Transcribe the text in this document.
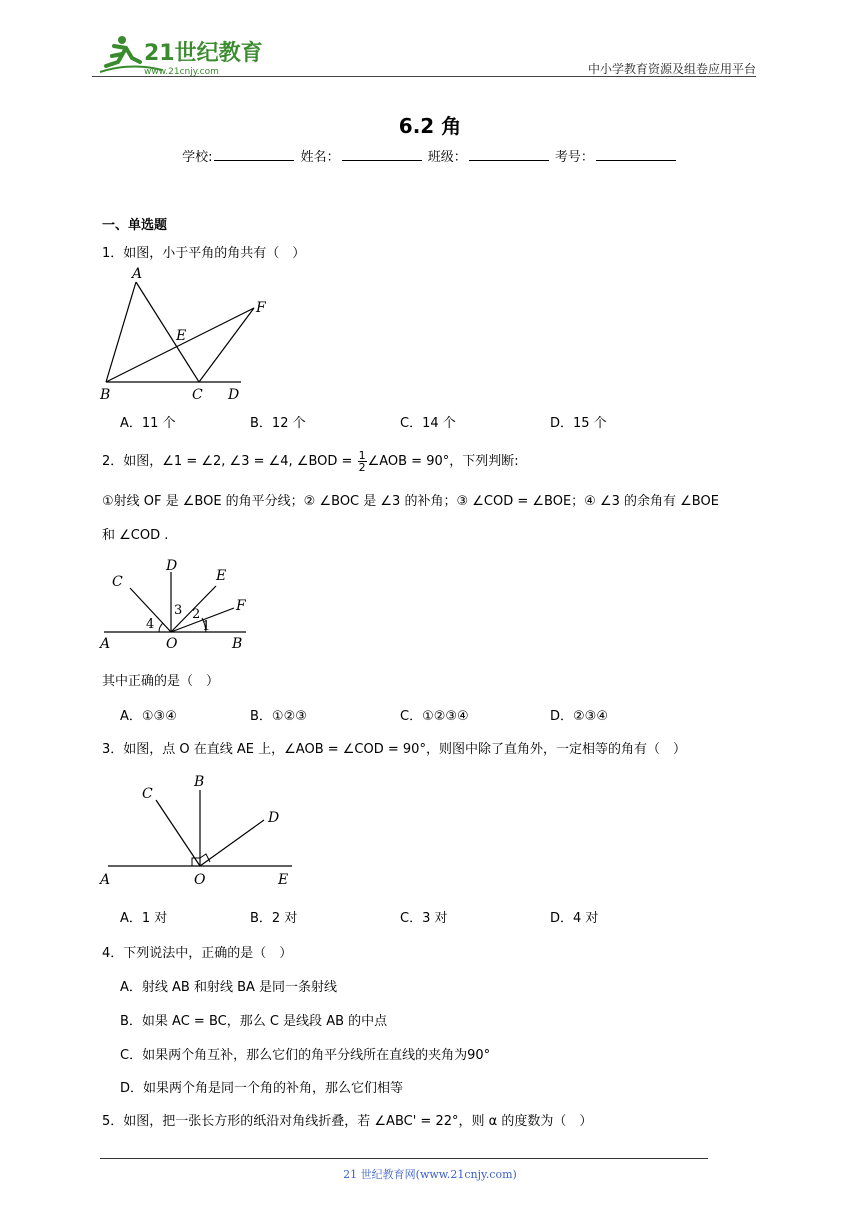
21世纪教育
www.21cnjy.com	中小学教育资源及组卷应用平台
6.2 角
学校:	姓名：	班级：	考号：
一、单选题
1．如图，小于平角的角共有（　）
A
E
F
B	C D
A．11 个	B．12 个	C．14 个	D．15 个
2．如图，∠1 = ∠2, ∠3 = ∠4, ∠BOD = $\frac{1}{2}$ ∠AOB = 90°，下列判断:
①射线 OF 是 ∠BOE 的角平分线；② ∠BOC 是 ∠3 的补角；③ ∠COD = ∠BOE；④ ∠3 的余角有 ∠BOE
和 ∠COD .
C
D
E
F
A	O	B
4
3 2
1
其中正确的是（　）
A．①③④	B．①②③	C．①②③④	D．②③④
3．如图，点 O 在直线 AE 上，∠AOB = ∠COD = 90°，则图中除了直角外，一定相等的角有（　）
C
B
D
A	O	E
A．1 对	B．2 对	C．3 对	D．4 对
4．下列说法中，正确的是（　）
A．射线 AB 和射线 BA 是同一条射线
B．如果 AC = BC，那么 C 是线段 AB 的中点
C．如果两个角互补，那么它们的角平分线所在直线的夹角为90°
D．如果两个角是同一个角的补角，那么它们相等
5．如图，把一张长方形的纸沿对角线折叠，若 ∠ABC' = 22°，则 α 的度数为（　）
21 世纪教育网(www.21cnjy.com)
